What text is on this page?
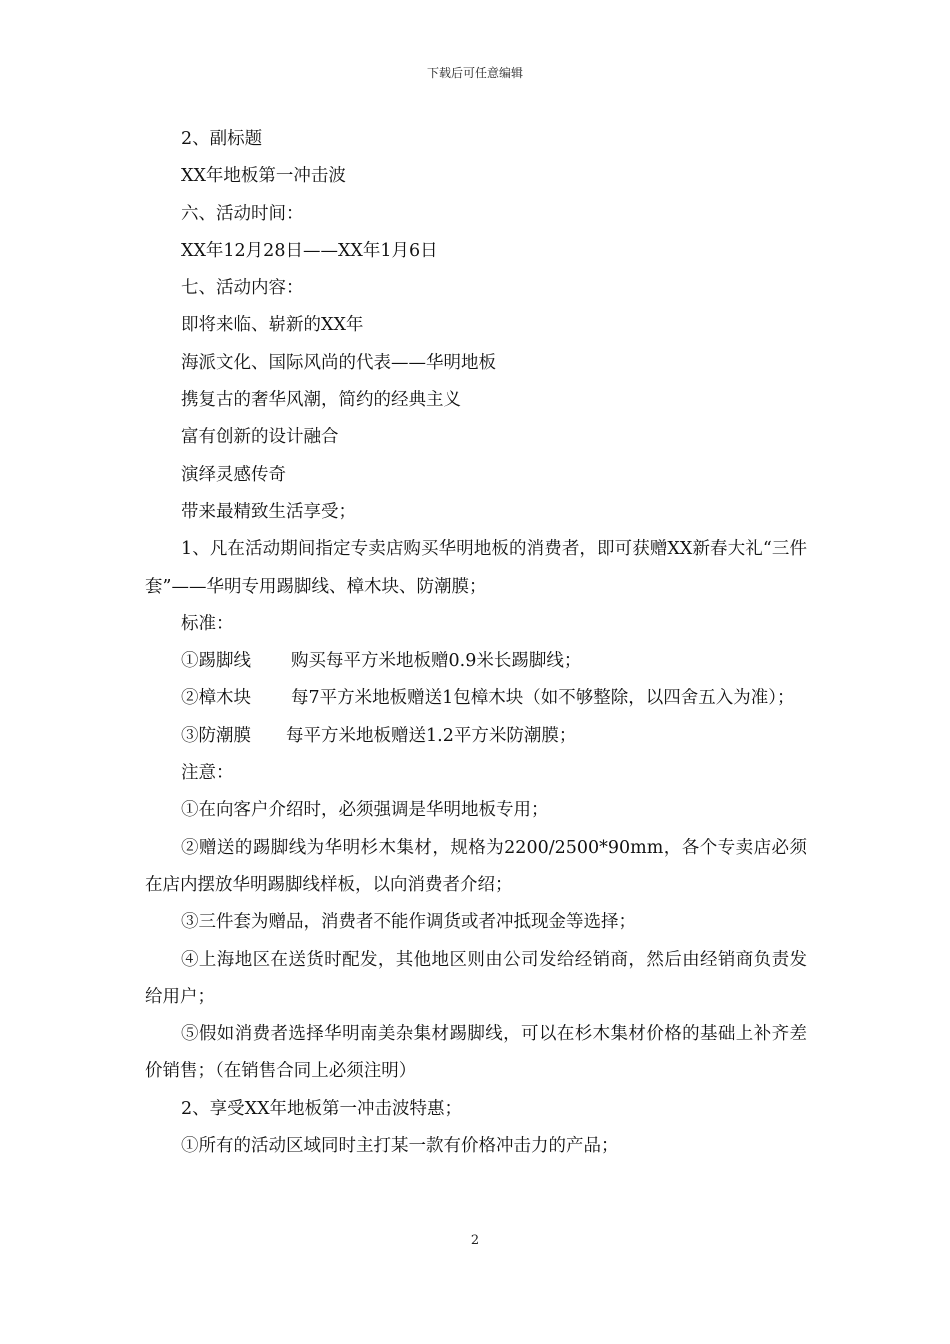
下载后可任意编辑
2、副标题
XX年地板第一冲击波
六、活动时间：
XX年12月28日——XX年1月6日
七、活动内容：
即将来临、崭新的XX年
海派文化、国际风尚的代表——华明地板
携复古的奢华风潮，简约的经典主义
富有创新的设计融合
演绎灵感传奇
带来最精致生活享受；
1、凡在活动期间指定专卖店购买华明地板的消费者，即可获赠XX新春大礼“三件套”——华明专用踢脚线、樟木块、防潮膜；
标准：
①踢脚线 购买每平方米地板赠0.9米长踢脚线；
②樟木块 每7平方米地板赠送1包樟木块（如不够整除，以四舍五入为准）；
③防潮膜 每平方米地板赠送1.2平方米防潮膜；
注意：
①在向客户介绍时，必须强调是华明地板专用；
②赠送的踢脚线为华明杉木集材，规格为2200/2500*90mm，各个专卖店必须在店内摆放华明踢脚线样板，以向消费者介绍；
③三件套为赠品，消费者不能作调货或者冲抵现金等选择；
④上海地区在送货时配发，其他地区则由公司发给经销商，然后由经销商负责发给用户；
⑤假如消费者选择华明南美杂集材踢脚线，可以在杉木集材价格的基础上补齐差价销售；（在销售合同上必须注明）
2、享受XX年地板第一冲击波特惠；
①所有的活动区域同时主打某一款有价格冲击力的产品；
2
